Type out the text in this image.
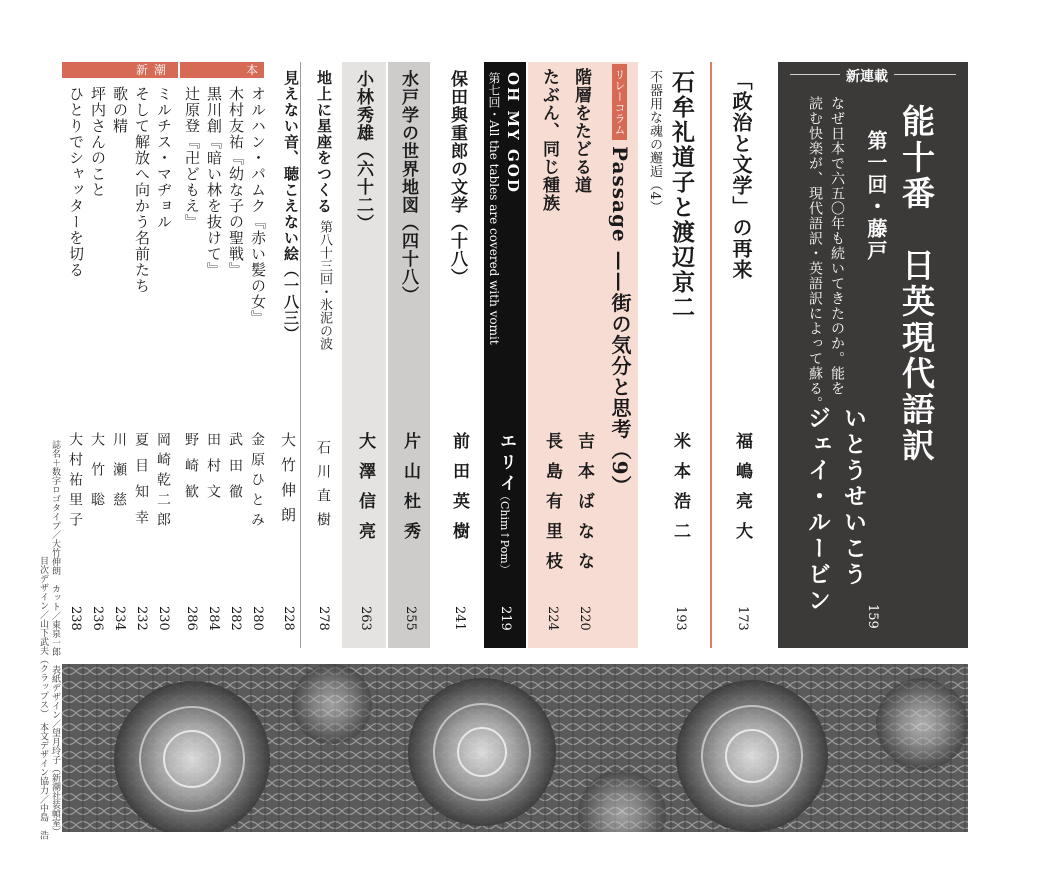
新連載
能十番　日英現代語訳
第一回・藤戸
なぜ日本で六五〇年も続いてきたのか。能を
読む快楽が、現代語訳・英語訳によって蘇る。
いとうせいこう
ジェイ・ルービン
159
「政治と文学」の再来
福嶋亮大
173
石牟礼道子と渡辺京二
不器用な魂の邂逅（4）
米本浩二
193
リレーコラム
Passage ——街の気分と思考（9）
階層をたどる道
吉本ばなな
220
たぶん、同じ種族
長島有里枝
224
OH MY GOD
第七回・All the tables are covered with vomit
エリイ
（Chim↑Pom）
219
保田與重郎の文学（十八）
前田英樹
241
水戸学の世界地図（四十八）
片山杜秀
255
小林秀雄（六十二）
大澤信亮
263
地上に星座をつくる
第八十三回・氷泥の波
石川直樹
278
見えない音、聴こえない絵（一八三）
大竹伸朗
228
本
オルハン・パムク『赤い髪の女』
木村友祐『幼な子の聖戦』
黒川創『暗い林を抜けて』
辻原登『卍どもえ』
金原ひとみ
武田徹
田村文
野崎歓
280
282
284
286
新潮
ミルチス・マヂョル
そして解放へ向かう名前たち
歌の精
坪内さんのこと
ひとりでシャッターを切る
岡崎乾二郎
夏目知幸
川瀬慈
大竹聡
大村祐里子
230
232
234
236
238
誌名＋数字ロゴタイプ／大竹伸朗　カット／東泉一郎　表紙デザイン／望月玲子（新潮社装幀室）
目次デザイン／山下武夫（クラップス）　本文デザイン協力／中島　浩
